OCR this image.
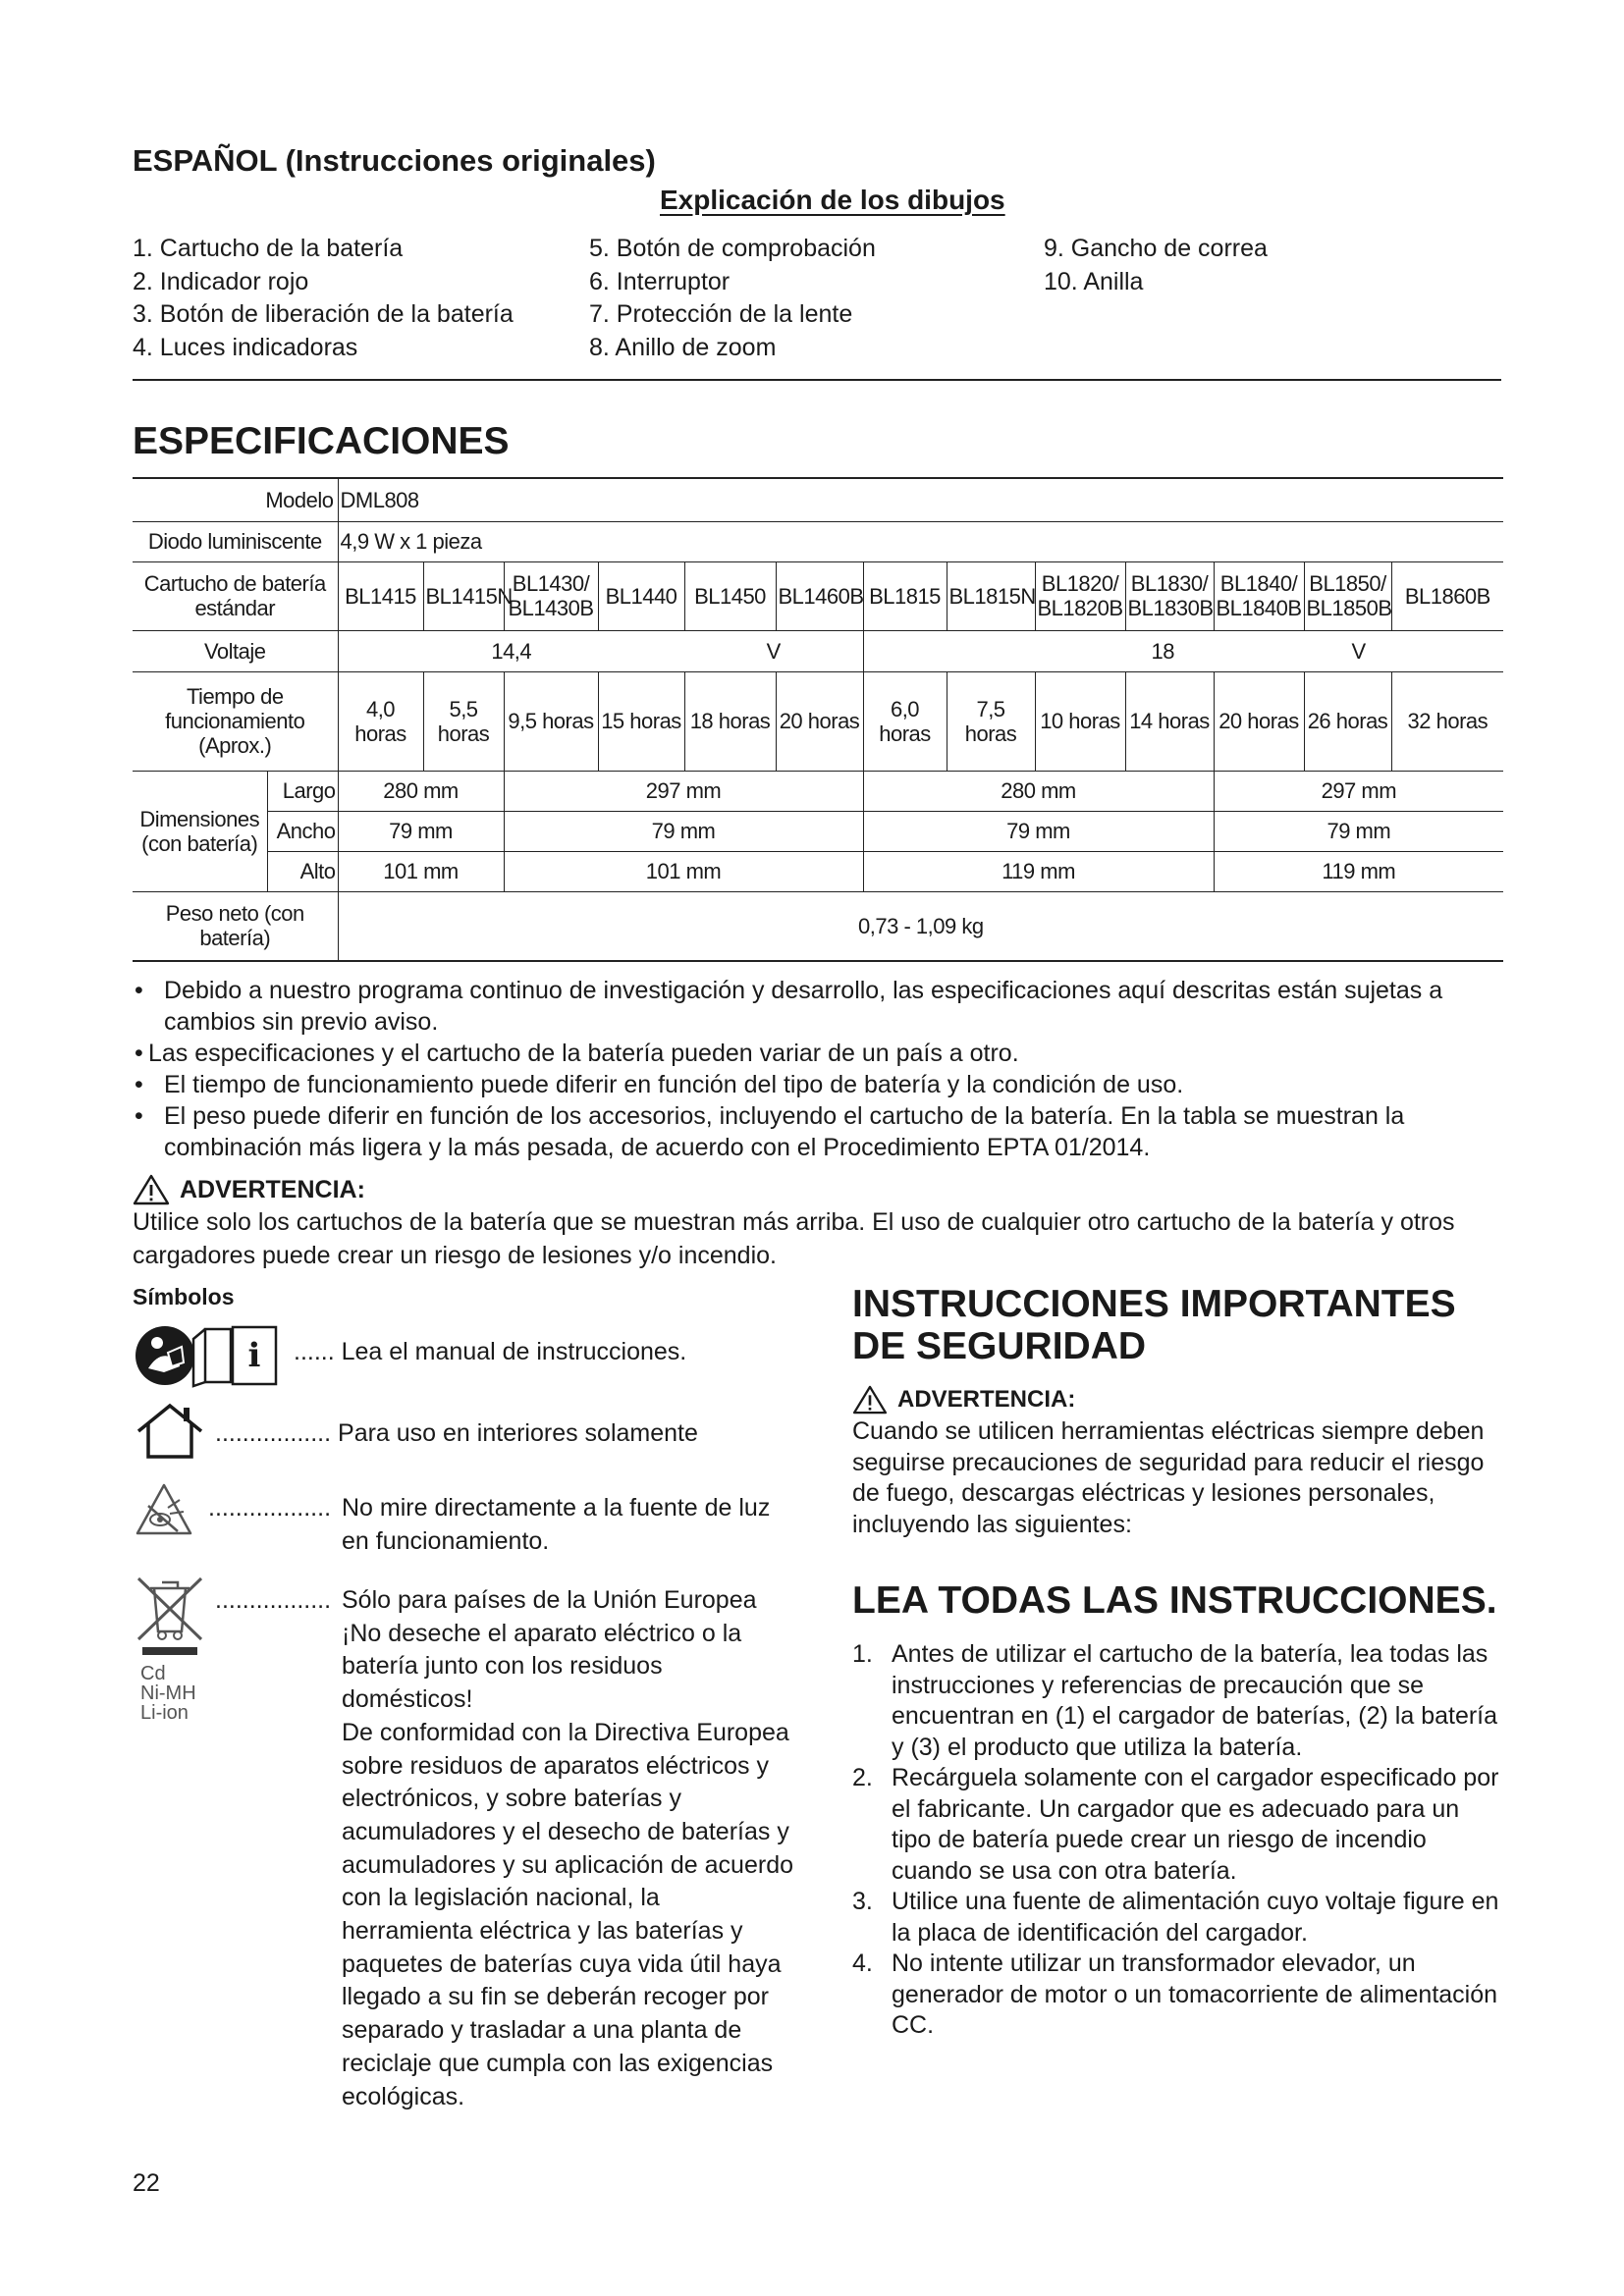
ESPAÑOL (Instrucciones originales)
Explicación de los dibujos
1. Cartucho de la batería
2. Indicador rojo
3. Botón de liberación de la batería
4. Luces indicadoras
5. Botón de comprobación
6. Interruptor
7. Protección de la lente
8. Anillo de zoom
9. Gancho de correa
10. Anilla
ESPECIFICACIONES
Modelo		DML808												
Diodo luminiscente		4,9 W x 1 pieza												
Cartucho de batería estándar		BL1415	BL1415N	BL1430/ BL1430B	BL1440	BL1450	BL1460B	BL1815	BL1815N	BL1820/ BL1820B	BL1830/ BL1830B	BL1840/ BL1840B	BL1850/ BL1850B	BL1860B
Voltaje		14,4				V		18				V		
Tiempo de funcionamiento (Aprox.)		4,0 horas	5,5 horas	9,5 horas	15 horas	18 horas	20 horas	6,0 horas	7,5 horas	10 horas	14 horas	20 horas	26 horas	32 horas
Dimensiones (con batería)	Largo	280 mm		297 mm				280 mm				297 mm		
	Ancho	79 mm		79 mm				79 mm				79 mm		
	Alto	101 mm		101 mm				119 mm				119 mm		
Peso neto (con batería)		0,73 - 1,09 kg												
• Debido a nuestro programa continuo de investigación y desarrollo, las especificaciones aquí descritas están sujetas a cambios sin previo aviso.
• Las especificaciones y el cartucho de la batería pueden variar de un país a otro.
• El tiempo de funcionamiento puede diferir en función del tipo de batería y la condición de uso.
• El peso puede diferir en función de los accesorios, incluyendo el cartucho de la batería. En la tabla se muestran la combinación más ligera y la más pesada, de acuerdo con el Procedimiento EPTA 01/2014.
ADVERTENCIA:
Utilice solo los cartuchos de la batería que se muestran más arriba. El uso de cualquier otro cartucho de la batería y otros cargadores puede crear un riesgo de lesiones y/o incendio.
Símbolos
i ...... Lea el manual de instrucciones.
................. Para uso en interiores solamente
.................. No mire directamente a la fuente de luz en funcionamiento.
Cd
Ni-MH
Li-ion
................. Sólo para países de la Unión Europea ¡No deseche el aparato eléctrico o la batería junto con los residuos domésticos!
De conformidad con la Directiva Europea sobre residuos de aparatos eléctricos y electrónicos, y sobre baterías y acumuladores y el desecho de baterías y acumuladores y su aplicación de acuerdo con la legislación nacional, la herramienta eléctrica y las baterías y paquetes de baterías cuya vida útil haya llegado a su fin se deberán recoger por separado y trasladar a una planta de reciclaje que cumpla con las exigencias ecológicas.
INSTRUCCIONES IMPORTANTES DE SEGURIDAD
ADVERTENCIA:
Cuando se utilicen herramientas eléctricas siempre deben seguirse precauciones de seguridad para reducir el riesgo de fuego, descargas eléctricas y lesiones personales, incluyendo las siguientes:
LEA TODAS LAS INSTRUCCIONES.
1. Antes de utilizar el cartucho de la batería, lea todas las instrucciones y referencias de precaución que se encuentran en (1) el cargador de baterías, (2) la batería y (3) el producto que utiliza la batería.
2. Recárguela solamente con el cargador especificado por el fabricante. Un cargador que es adecuado para un tipo de batería puede crear un riesgo de incendio cuando se usa con otra batería.
3. Utilice una fuente de alimentación cuyo voltaje figure en la placa de identificación del cargador.
4. No intente utilizar un transformador elevador, un generador de motor o un tomacorriente de alimentación CC.
22
